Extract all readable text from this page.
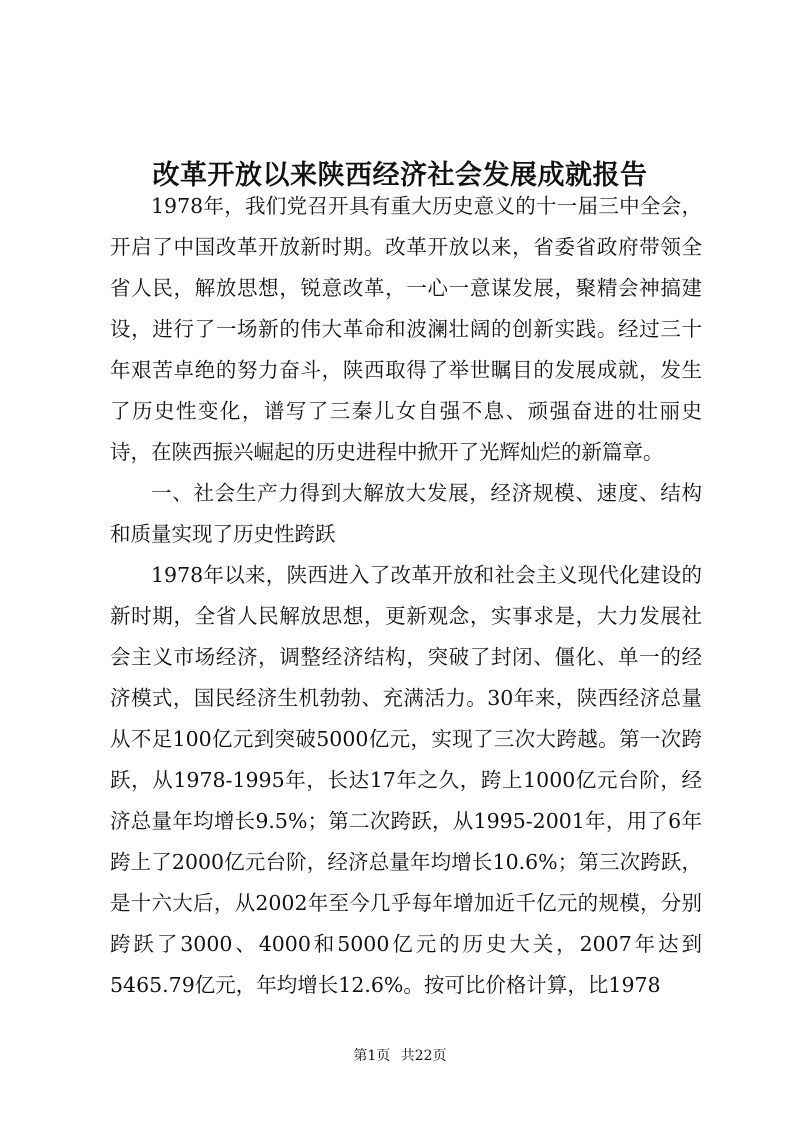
改革开放以来陕西经济社会发展成就报告

1978年，我们党召开具有重大历史意义的十一届三中全会，开启了中国改革开放新时期。改革开放以来，省委省政府带领全省人民，解放思想，锐意改革，一心一意谋发展，聚精会神搞建设，进行了一场新的伟大革命和波澜壮阔的创新实践。经过三十年艰苦卓绝的努力奋斗，陕西取得了举世瞩目的发展成就，发生了历史性变化，谱写了三秦儿女自强不息、顽强奋进的壮丽史诗，在陕西振兴崛起的历史进程中掀开了光辉灿烂的新篇章。

一、社会生产力得到大解放大发展，经济规模、速度、结构和质量实现了历史性跨跃

1978年以来，陕西进入了改革开放和社会主义现代化建设的新时期，全省人民解放思想，更新观念，实事求是，大力发展社会主义市场经济，调整经济结构，突破了封闭、僵化、单一的经济模式，国民经济生机勃勃、充满活力。30年来，陕西经济总量从不足100亿元到突破5000亿元，实现了三次大跨越。第一次跨跃，从1978-1995年，长达17年之久，跨上1000亿元台阶，经济总量年均增长9.5%；第二次跨跃，从1995-2001年，用了6年跨上了2000亿元台阶，经济总量年均增长10.6%；第三次跨跃，是十六大后，从2002年至今几乎每年增加近千亿元的规模，分别跨跃了3000、4000和5000亿元的历史大关，2007年达到5465.79亿元，年均增长12.6%。按可比价格计算，比1978

第1页 共22页
